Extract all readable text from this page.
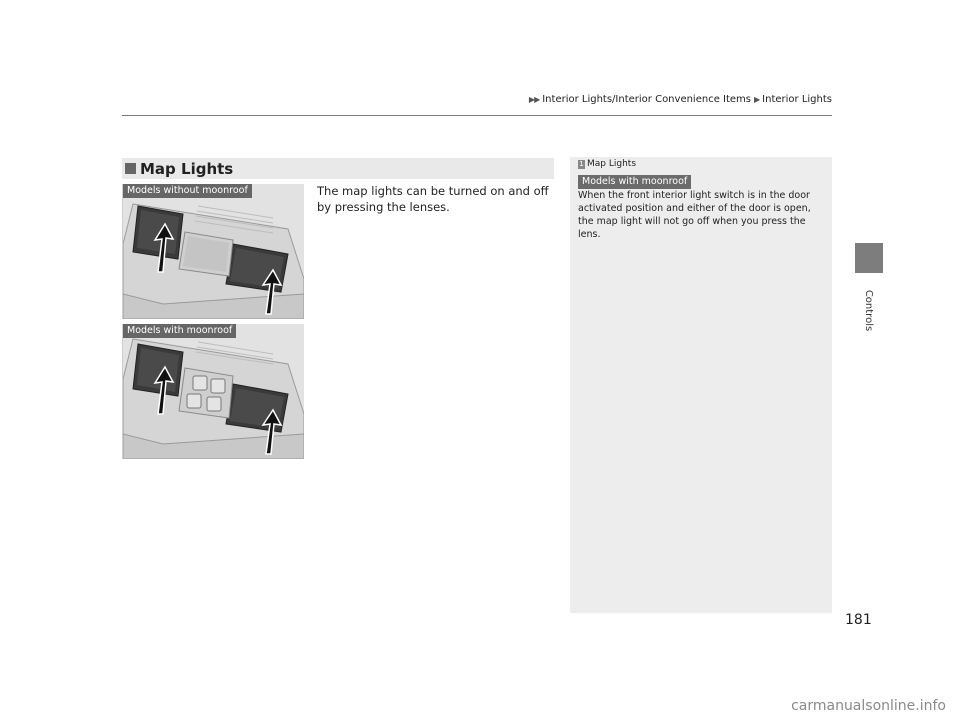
▶▶ Interior Lights/Interior Convenience Items ▶ Interior Lights
Controls
Map Lights
The map lights can be turned on and off by pressing the lenses.
Models without moonroof
Models with moonroof
1 Map Lights
Models with moonroof
When the front interior light switch is in the door activated position and either of the door is open, the map light will not go off when you press the lens.
181
carmanualsonline.info
